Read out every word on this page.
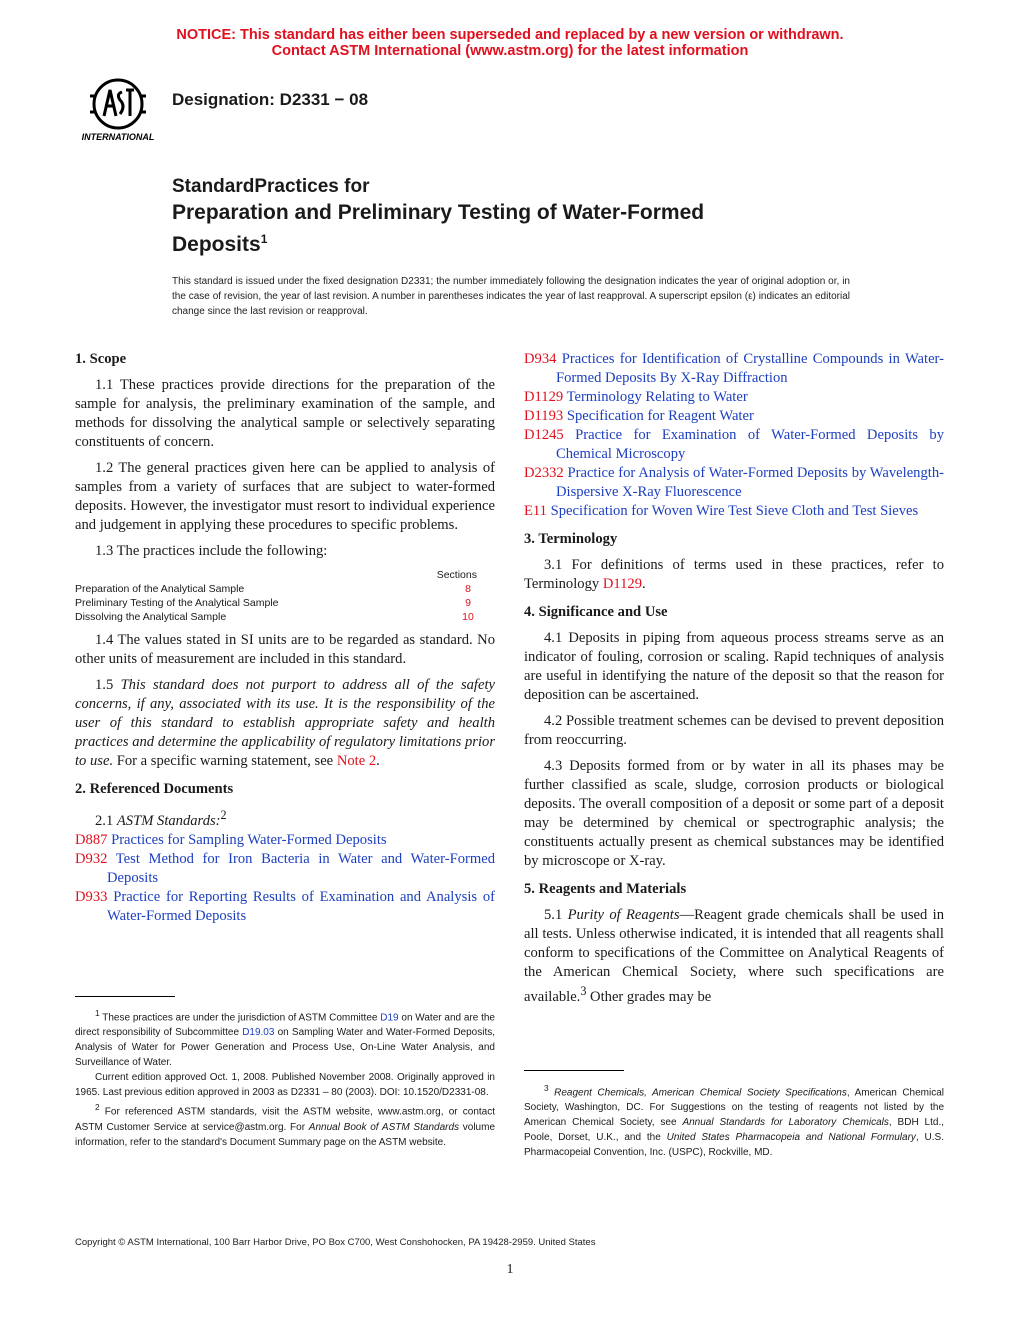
NOTICE: This standard has either been superseded and replaced by a new version or withdrawn.
Contact ASTM International (www.astm.org) for the latest information
INTERNATIONAL
Designation: D2331 − 08
StandardPractices for
Preparation and Preliminary Testing of Water-Formed
Deposits$^1$
This standard is issued under the fixed designation D2331; the number immediately following the designation indicates the year of original adoption or, in the case of revision, the year of last revision. A number in parentheses indicates the year of last reapproval. A superscript epsilon (ε) indicates an editorial change since the last revision or reapproval.

1. Scope

1.1 These practices provide directions for the preparation of the sample for analysis, the preliminary examination of the sample, and methods for dissolving the analytical sample or selectively separating constituents of concern.

1.2 The general practices given here can be applied to analysis of samples from a variety of surfaces that are subject to water-formed deposits. However, the investigator must resort to individual experience and judgement in applying these procedures to specific problems.

1.3 The practices include the following:

Sections
Preparation of the Analytical Sample	8
Preliminary Testing of the Analytical Sample	9
Dissolving the Analytical Sample	10

1.4 The values stated in SI units are to be regarded as standard. No other units of measurement are included in this standard.

1.5 This standard does not purport to address all of the safety concerns, if any, associated with its use. It is the responsibility of the user of this standard to establish appropriate safety and health practices and determine the applicability of regulatory limitations prior to use. For a specific warning statement, see Note 2.

2. Referenced Documents

2.1 ASTM Standards:$^2$

D887 Practices for Sampling Water-Formed Deposits

D932 Test Method for Iron Bacteria in Water and Water-Formed Deposits

D933 Practice for Reporting Results of Examination and Analysis of Water-Formed Deposits

D934 Practices for Identification of Crystalline Compounds in Water-Formed Deposits By X-Ray Diffraction

D1129 Terminology Relating to Water

D1193 Specification for Reagent Water

D1245 Practice for Examination of Water-Formed Deposits by Chemical Microscopy

D2332 Practice for Analysis of Water-Formed Deposits by Wavelength-Dispersive X-Ray Fluorescence

E11 Specification for Woven Wire Test Sieve Cloth and Test Sieves

3. Terminology

3.1 For definitions of terms used in these practices, refer to Terminology D1129.

4. Significance and Use

4.1 Deposits in piping from aqueous process streams serve as an indicator of fouling, corrosion or scaling. Rapid techniques of analysis are useful in identifying the nature of the deposit so that the reason for deposition can be ascertained.

4.2 Possible treatment schemes can be devised to prevent deposition from reoccurring.

4.3 Deposits formed from or by water in all its phases may be further classified as scale, sludge, corrosion products or biological deposits. The overall composition of a deposit or some part of a deposit may be determined by chemical or spectrographic analysis; the constituents actually present as chemical substances may be identified by microscope or X-ray.

5. Reagents and Materials

5.1 Purity of Reagents—Reagent grade chemicals shall be used in all tests. Unless otherwise indicated, it is intended that all reagents shall conform to specifications of the Committee on Analytical Reagents of the American Chemical Society, where such specifications are available.$^3$ Other grades may be

$^1$ These practices are under the jurisdiction of ASTM Committee D19 on Water and are the direct responsibility of Subcommittee D19.03 on Sampling Water and Water-Formed Deposits, Analysis of Water for Power Generation and Process Use, On-Line Water Analysis, and Surveillance of Water.

Current edition approved Oct. 1, 2008. Published November 2008. Originally approved in 1965. Last previous edition approved in 2003 as D2331 – 80 (2003). DOI: 10.1520/D2331-08.

$^2$ For referenced ASTM standards, visit the ASTM website, www.astm.org, or contact ASTM Customer Service at service@astm.org. For Annual Book of ASTM Standards volume information, refer to the standard's Document Summary page on the ASTM website.

$^3$ Reagent Chemicals, American Chemical Society Specifications, American Chemical Society, Washington, DC. For Suggestions on the testing of reagents not listed by the American Chemical Society, see Annual Standards for Laboratory Chemicals, BDH Ltd., Poole, Dorset, U.K., and the United States Pharmacopeia and National Formulary, U.S. Pharmacopeial Convention, Inc. (USPC), Rockville, MD.

Copyright © ASTM International, 100 Barr Harbor Drive, PO Box C700, West Conshohocken, PA 19428-2959. United States
1
